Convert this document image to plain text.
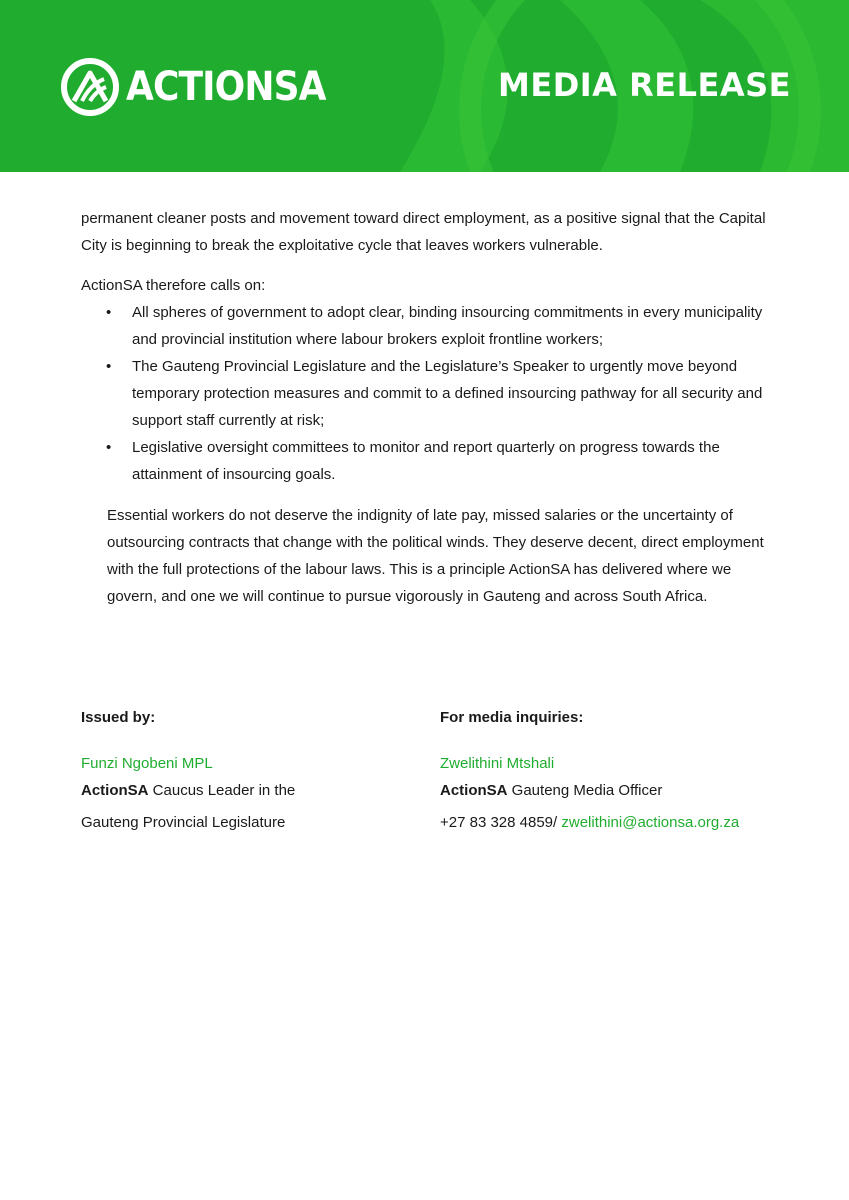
ACTIONSA	MEDIA RELEASE

permanent cleaner posts and movement toward direct employment, as a positive signal that the Capital City is beginning to break the exploitative cycle that leaves workers vulnerable.

ActionSA therefore calls on:

• All spheres of government to adopt clear, binding insourcing commitments in every municipality and provincial institution where labour brokers exploit frontline workers;
• The Gauteng Provincial Legislature and the Legislature’s Speaker to urgently move beyond temporary protection measures and commit to a defined insourcing pathway for all security and support staff currently at risk;
• Legislative oversight committees to monitor and report quarterly on progress towards the attainment of insourcing goals.

Essential workers do not deserve the indignity of late pay, missed salaries or the uncertainty of outsourcing contracts that change with the political winds. They deserve decent, direct employment with the full protections of the labour laws. This is a principle ActionSA has delivered where we govern, and one we will continue to pursue vigorously in Gauteng and across South Africa.

Issued by:

Funzi Ngobeni MPL

ActionSA Caucus Leader in the

Gauteng Provincial Legislature

For media inquiries:

Zwelithini Mtshali

ActionSA Gauteng Media Officer

+27 83 328 4859/ zwelithini@actionsa.org.za
